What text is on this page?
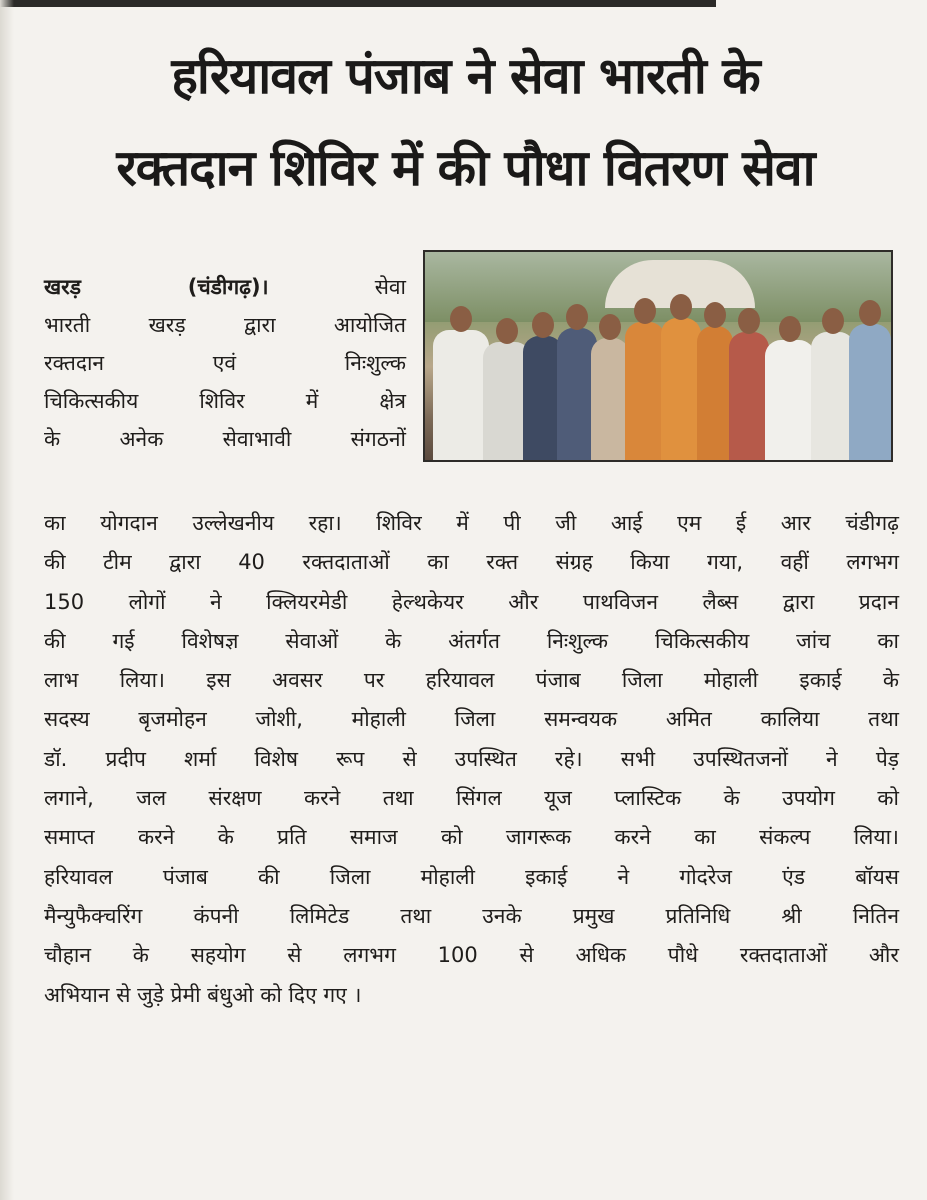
हरियावल पंजाब ने सेवा भारती के
रक्तदान शिविर में की पौधा वितरण सेवा
खरड़ (चंडीगढ़)।	सेवा
भारती खरड़ द्वारा आयोजित
रक्तदान एवं निःशुल्क
चिकित्सकीय शिविर में क्षेत्र
के अनेक सेवाभावी संगठनों
का योगदान उल्लेखनीय रहा। शिविर में पी जी आई एम ई आर चंडीगढ़
की टीम द्वारा 40 रक्तदाताओं का रक्त संग्रह किया गया, वहीं लगभग
150 लोगों ने क्लियरमेडी हेल्थकेयर और पाथविजन लैब्स द्वारा प्रदान
की गई विशेषज्ञ सेवाओं के अंतर्गत निःशुल्क चिकित्सकीय जांच का
लाभ लिया। इस अवसर पर हरियावल पंजाब जिला मोहाली इकाई के
सदस्य बृजमोहन जोशी, मोहाली जिला समन्वयक अमित कालिया तथा
डॉ. प्रदीप शर्मा विशेष रूप से उपस्थित रहे। सभी उपस्थितजनों ने पेड़
लगाने, जल संरक्षण करने तथा सिंगल यूज प्लास्टिक के उपयोग को
समाप्त करने के प्रति समाज को जागरूक करने का संकल्प लिया।
हरियावल पंजाब की जिला मोहाली इकाई ने गोदरेज एंड बॉयस
मैन्युफैक्चरिंग कंपनी लिमिटेड तथा उनके प्रमुख प्रतिनिधि श्री नितिन
चौहान के सहयोग से लगभग 100 से अधिक पौधे रक्तदाताओं और
अभियान से जुड़े प्रेमी बंधुओ को दिए गए ।
